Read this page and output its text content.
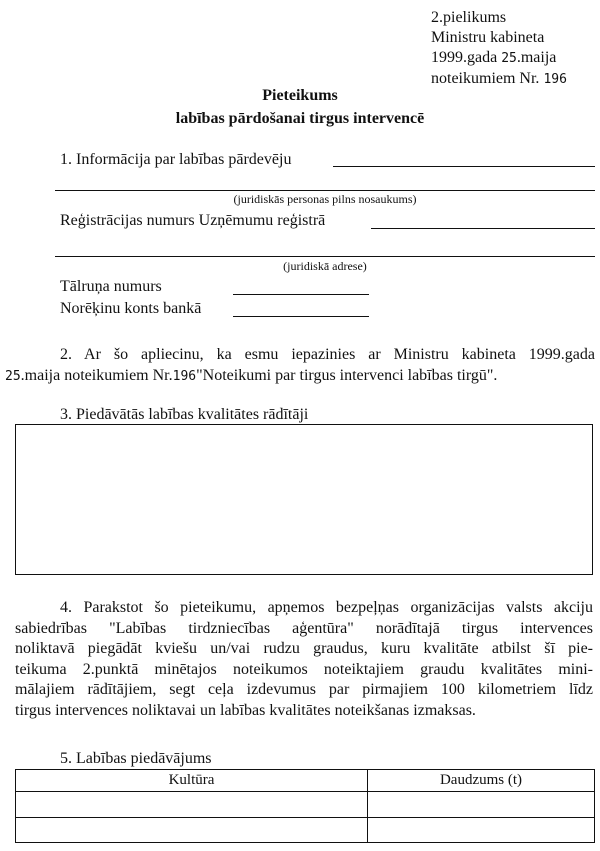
2.pielikums
Ministru kabineta
1999.gada 25.maija
noteikumiem Nr. 196
Pieteikums
labības pārdošanai tirgus intervencē
1. Informācija par labības pārdevēju
(juridiskās personas pilns nosaukums)
Reģistrācijas numurs Uzņēmumu reģistrā
(juridiskā adrese)
Tālruņa numurs
Norēķinu konts bankā
2. Ar šo apliecinu, ka esmu iepazinies ar Ministru kabineta 1999.gada
25.maija noteikumiem Nr.196"Noteikumi par tirgus intervenci labības tirgū".
3. Piedāvātās labības kvalitātes rādītāji
4. Parakstot šo pieteikumu, apņemos bezpeļņas organizācijas valsts akciju
sabiedrības "Labības tirdzniecības aģentūra" norādītajā tirgus intervences
noliktavā piegādāt kviešu un/vai rudzu graudus, kuru kvalitāte atbilst šī pie-
teikuma 2.punktā minētajos noteikumos noteiktajiem graudu kvalitātes mini-
mālajiem rādītājiem, segt ceļa izdevumus par pirmajiem 100 kilometriem līdz
tirgus intervences noliktavai un labības kvalitātes noteikšanas izmaksas.
5. Labības piedāvājums
Kultūra	Daudzums (t)
